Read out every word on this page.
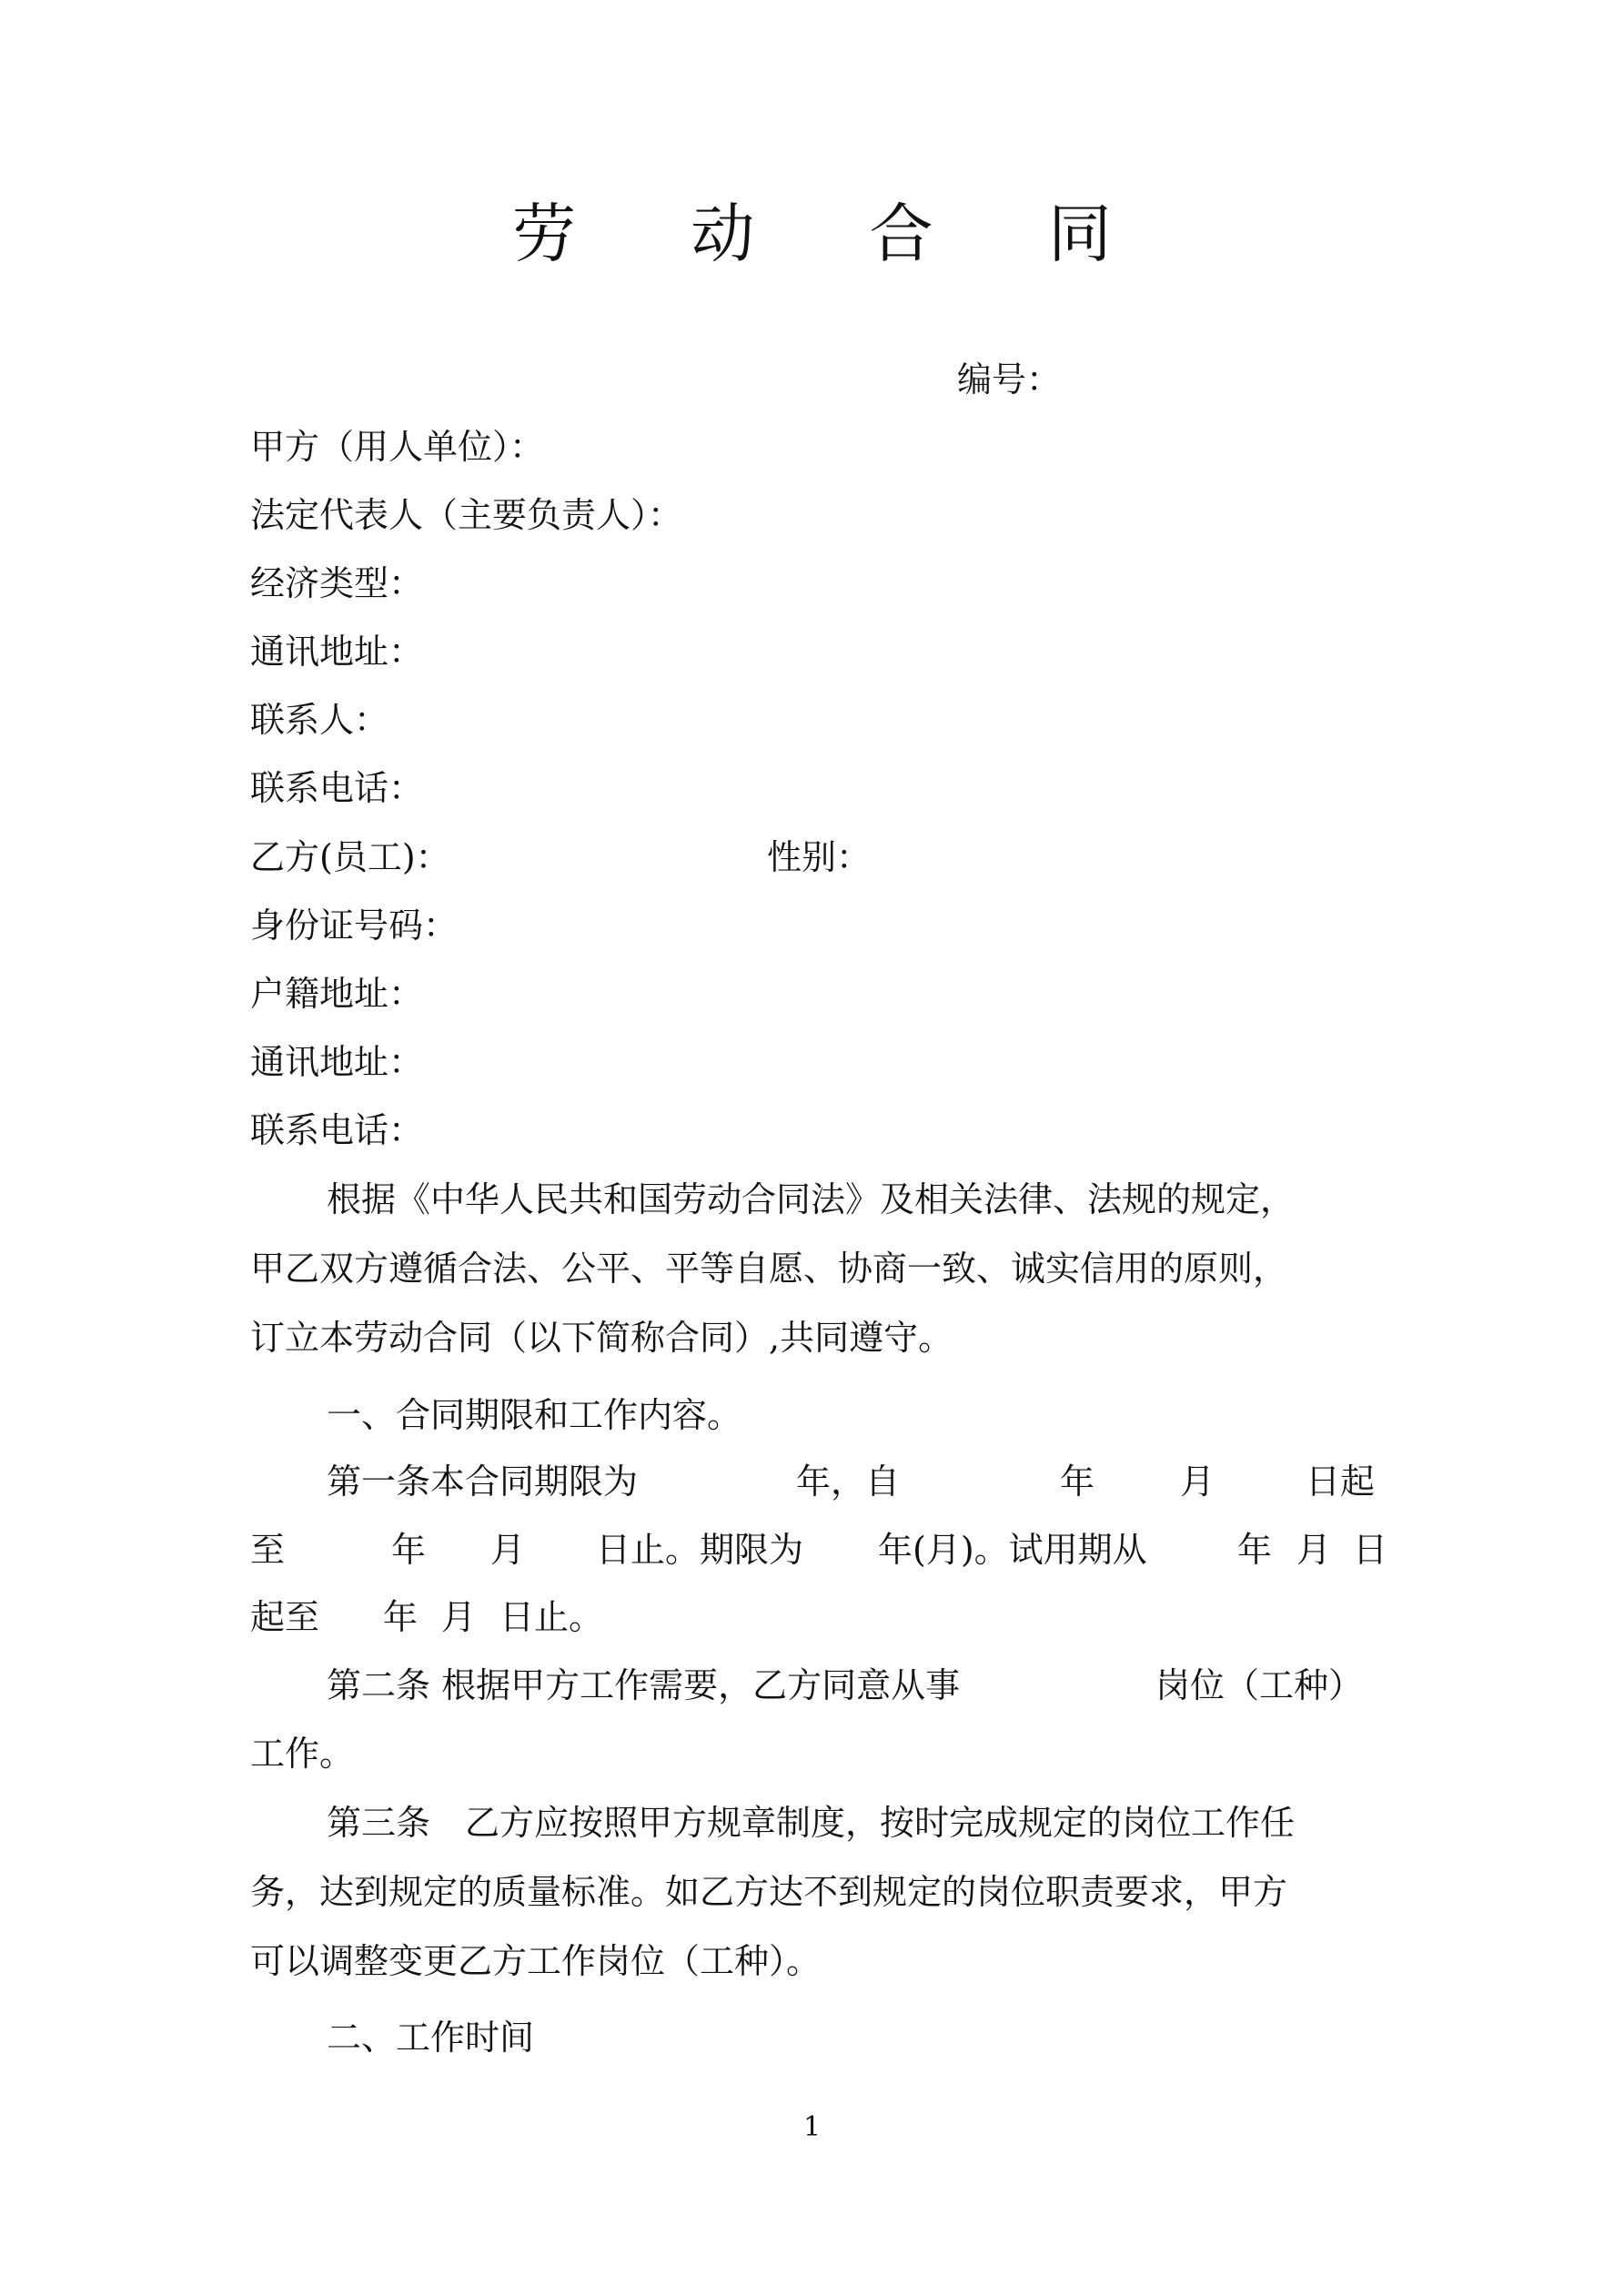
劳 动 合 同
编号：
甲方（用人单位）：
法定代表人（主要负责人）：
经济类型：
通讯地址：
联系人：
联系电话：
乙方(员工)：	性别：
身份证号码：
户籍地址：
通讯地址：
联系电话：
根据《中华人民共和国劳动合同法》及相关法律、法规的规定，
甲乙双方遵循合法、公平、平等自愿、协商一致、诚实信用的原则，
订立本劳动合同（以下简称合同）,共同遵守。
一、合同期限和工作内容。
第一条本合同期限为	年，自	年 月	日起
至	年 月 日止。期限为 年(月)。试用期从	年 月 日
起至 年 月 日止。
第二条 根据甲方工作需要，乙方同意从事	岗位（工种）
工作。
第三条　乙方应按照甲方规章制度，按时完成规定的岗位工作任
务，达到规定的质量标准。如乙方达不到规定的岗位职责要求，甲方
可以调整变更乙方工作岗位（工种）。
二、工作时间
1
